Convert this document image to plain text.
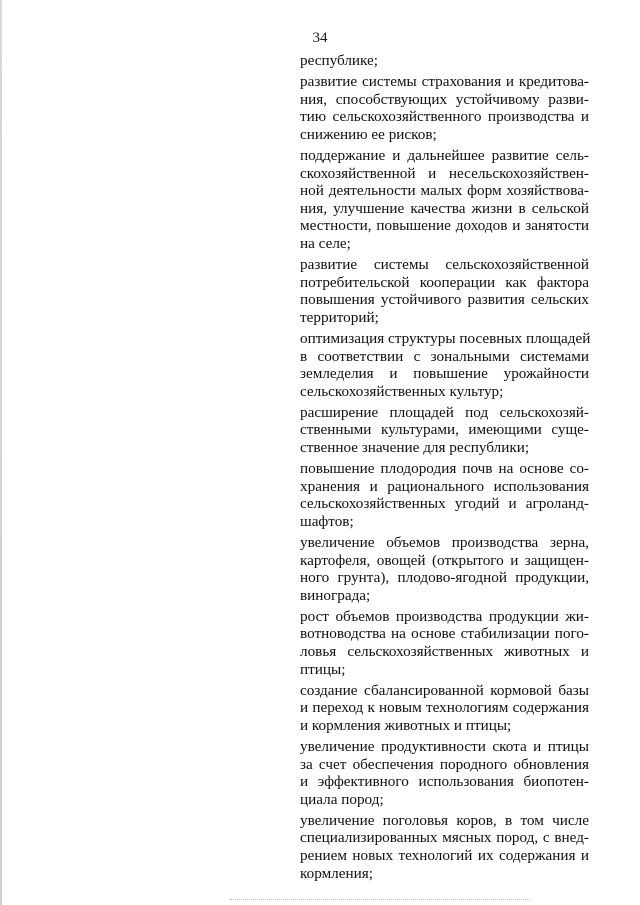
34
республике;
развитие системы страхования и кредитова-
ния, способствующих устойчивому разви-
тию сельскохозяйственного производства и
снижению ее рисков;
поддержание и дальнейшее развитие сель-
скохозяйственной и несельскохозяйствен-
ной деятельности малых форм хозяйствова-
ния, улучшение качества жизни в сельской
местности, повышение доходов и занятости
на селе;
развитие системы сельскохозяйственной
потребительской кооперации как фактора
повышения устойчивого развития сельских
территорий;
оптимизация структуры посевных площадей
в соответствии с зональными системами
земледелия и повышение урожайности
сельскохозяйственных культур;
расширение площадей под сельскохозяй-
ственными культурами, имеющими суще-
ственное значение для республики;
повышение плодородия почв на основе со-
хранения и рационального использования
сельскохозяйственных угодий и агроланд-
шафтов;
увеличение объемов производства зерна,
картофеля, овощей (открытого и защищен-
ного грунта), плодово-ягодной продукции,
винограда;
рост объемов производства продукции жи-
вотноводства на основе стабилизации пого-
ловья сельскохозяйственных животных и
птицы;
создание сбалансированной кормовой базы
и переход к новым технологиям содержания
и кормления животных и птицы;
увеличение продуктивности скота и птицы
за счет обеспечения породного обновления
и эффективного использования биопотен-
циала пород;
увеличение поголовья коров, в том числе
специализированных мясных пород, с внед-
рением новых технологий их содержания и
кормления;
